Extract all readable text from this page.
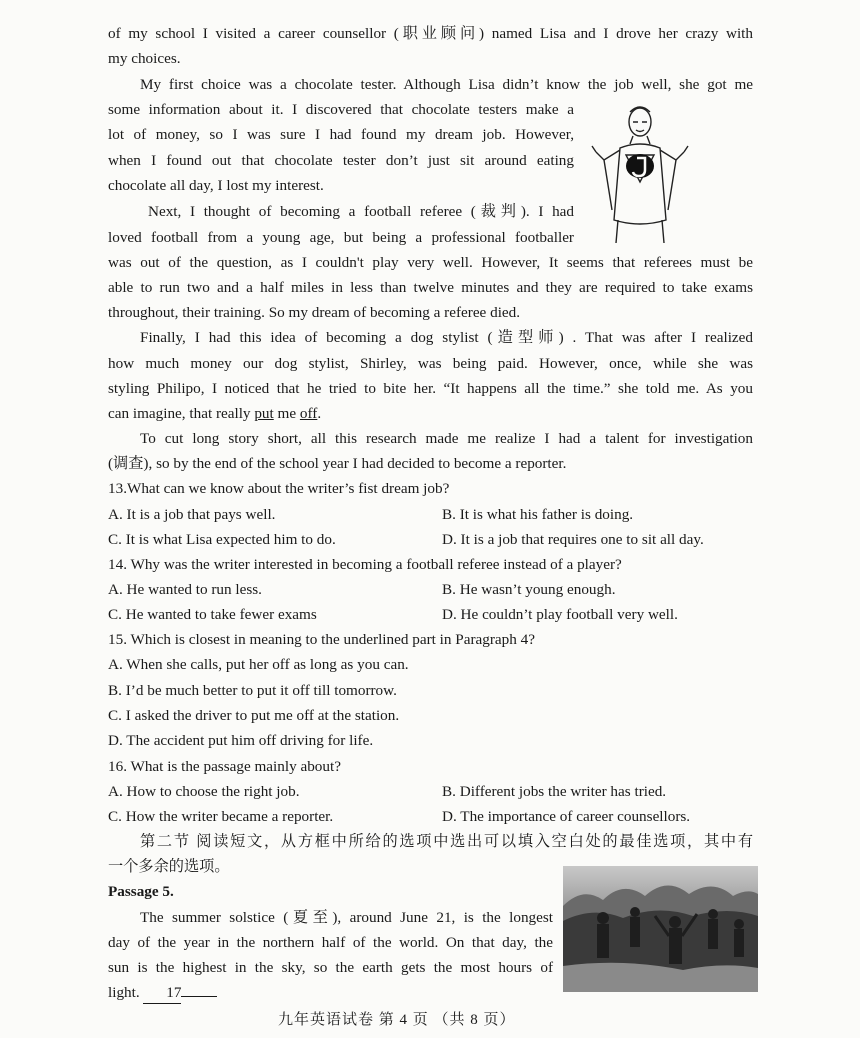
of my school I visited a career counsellor (职业顾问) named Lisa and I drove her crazy with
my choices.
My first choice was a chocolate tester. Although Lisa didn’t know the job well, she got me
some information about it. I discovered that chocolate testers make a
lot of money, so I was sure I had found my dream job. However,
when I found out that chocolate tester don’t just sit around eating
chocolate all day, I lost my interest.
Next, I thought of becoming a football referee (裁判). I had
loved football from a young age, but being a professional footballer
was out of the question, as I couldn't play very well. However, It seems that referees must be
able to run two and a half miles in less than twelve minutes and they are required to take exams
throughout, their training. So my dream of becoming a referee died.
Finally, I had this idea of becoming a dog stylist (造型师) . That was after I realized
how much money our dog stylist, Shirley, was being paid. However, once, while she was
styling Philipo, I noticed that he tried to bite her. “It happens all the time.” she told me. As you
can imagine, that really put me off.
To cut long story short, all this research made me realize I had a talent for investigation
(调查), so by the end of the school year I had decided to become a reporter.
13.What can we know about the writer’s fist dream job?
A. It is a job that pays well.	B. It is what his father is doing.
C. It is what Lisa expected him to do.	D. It is a job that requires one to sit all day.
14. Why was the writer interested in becoming a football referee instead of a player?
A. He wanted to run less.	B. He wasn’t young enough.
C. He wanted to take fewer exams	D. He couldn’t play football very well.
15. Which is closest in meaning to the underlined part in Paragraph 4?
A. When she calls, put her off as long as you can.
B. I’d be much better to put it off till tomorrow.
C. I asked the driver to put me off at the station.
D. The accident put him off driving for life.
16. What is the passage mainly about?
A. How to choose the right job.	B. Different jobs the writer has tried.
C. How the writer became a reporter.	D. The importance of career counsellors.
第二节 阅读短文，从方框中所给的选项中选出可以填入空白处的最佳选项，其中有
一个多余的选项。
Passage 5.
The summer solstice (夏至), around June 21, is the longest
day of the year in the northern half of the world. On that day, the
sun is the highest in the sky, so the earth gets the most hours of
light. 17
九年英语试卷 第 4 页 （共 8 页）
